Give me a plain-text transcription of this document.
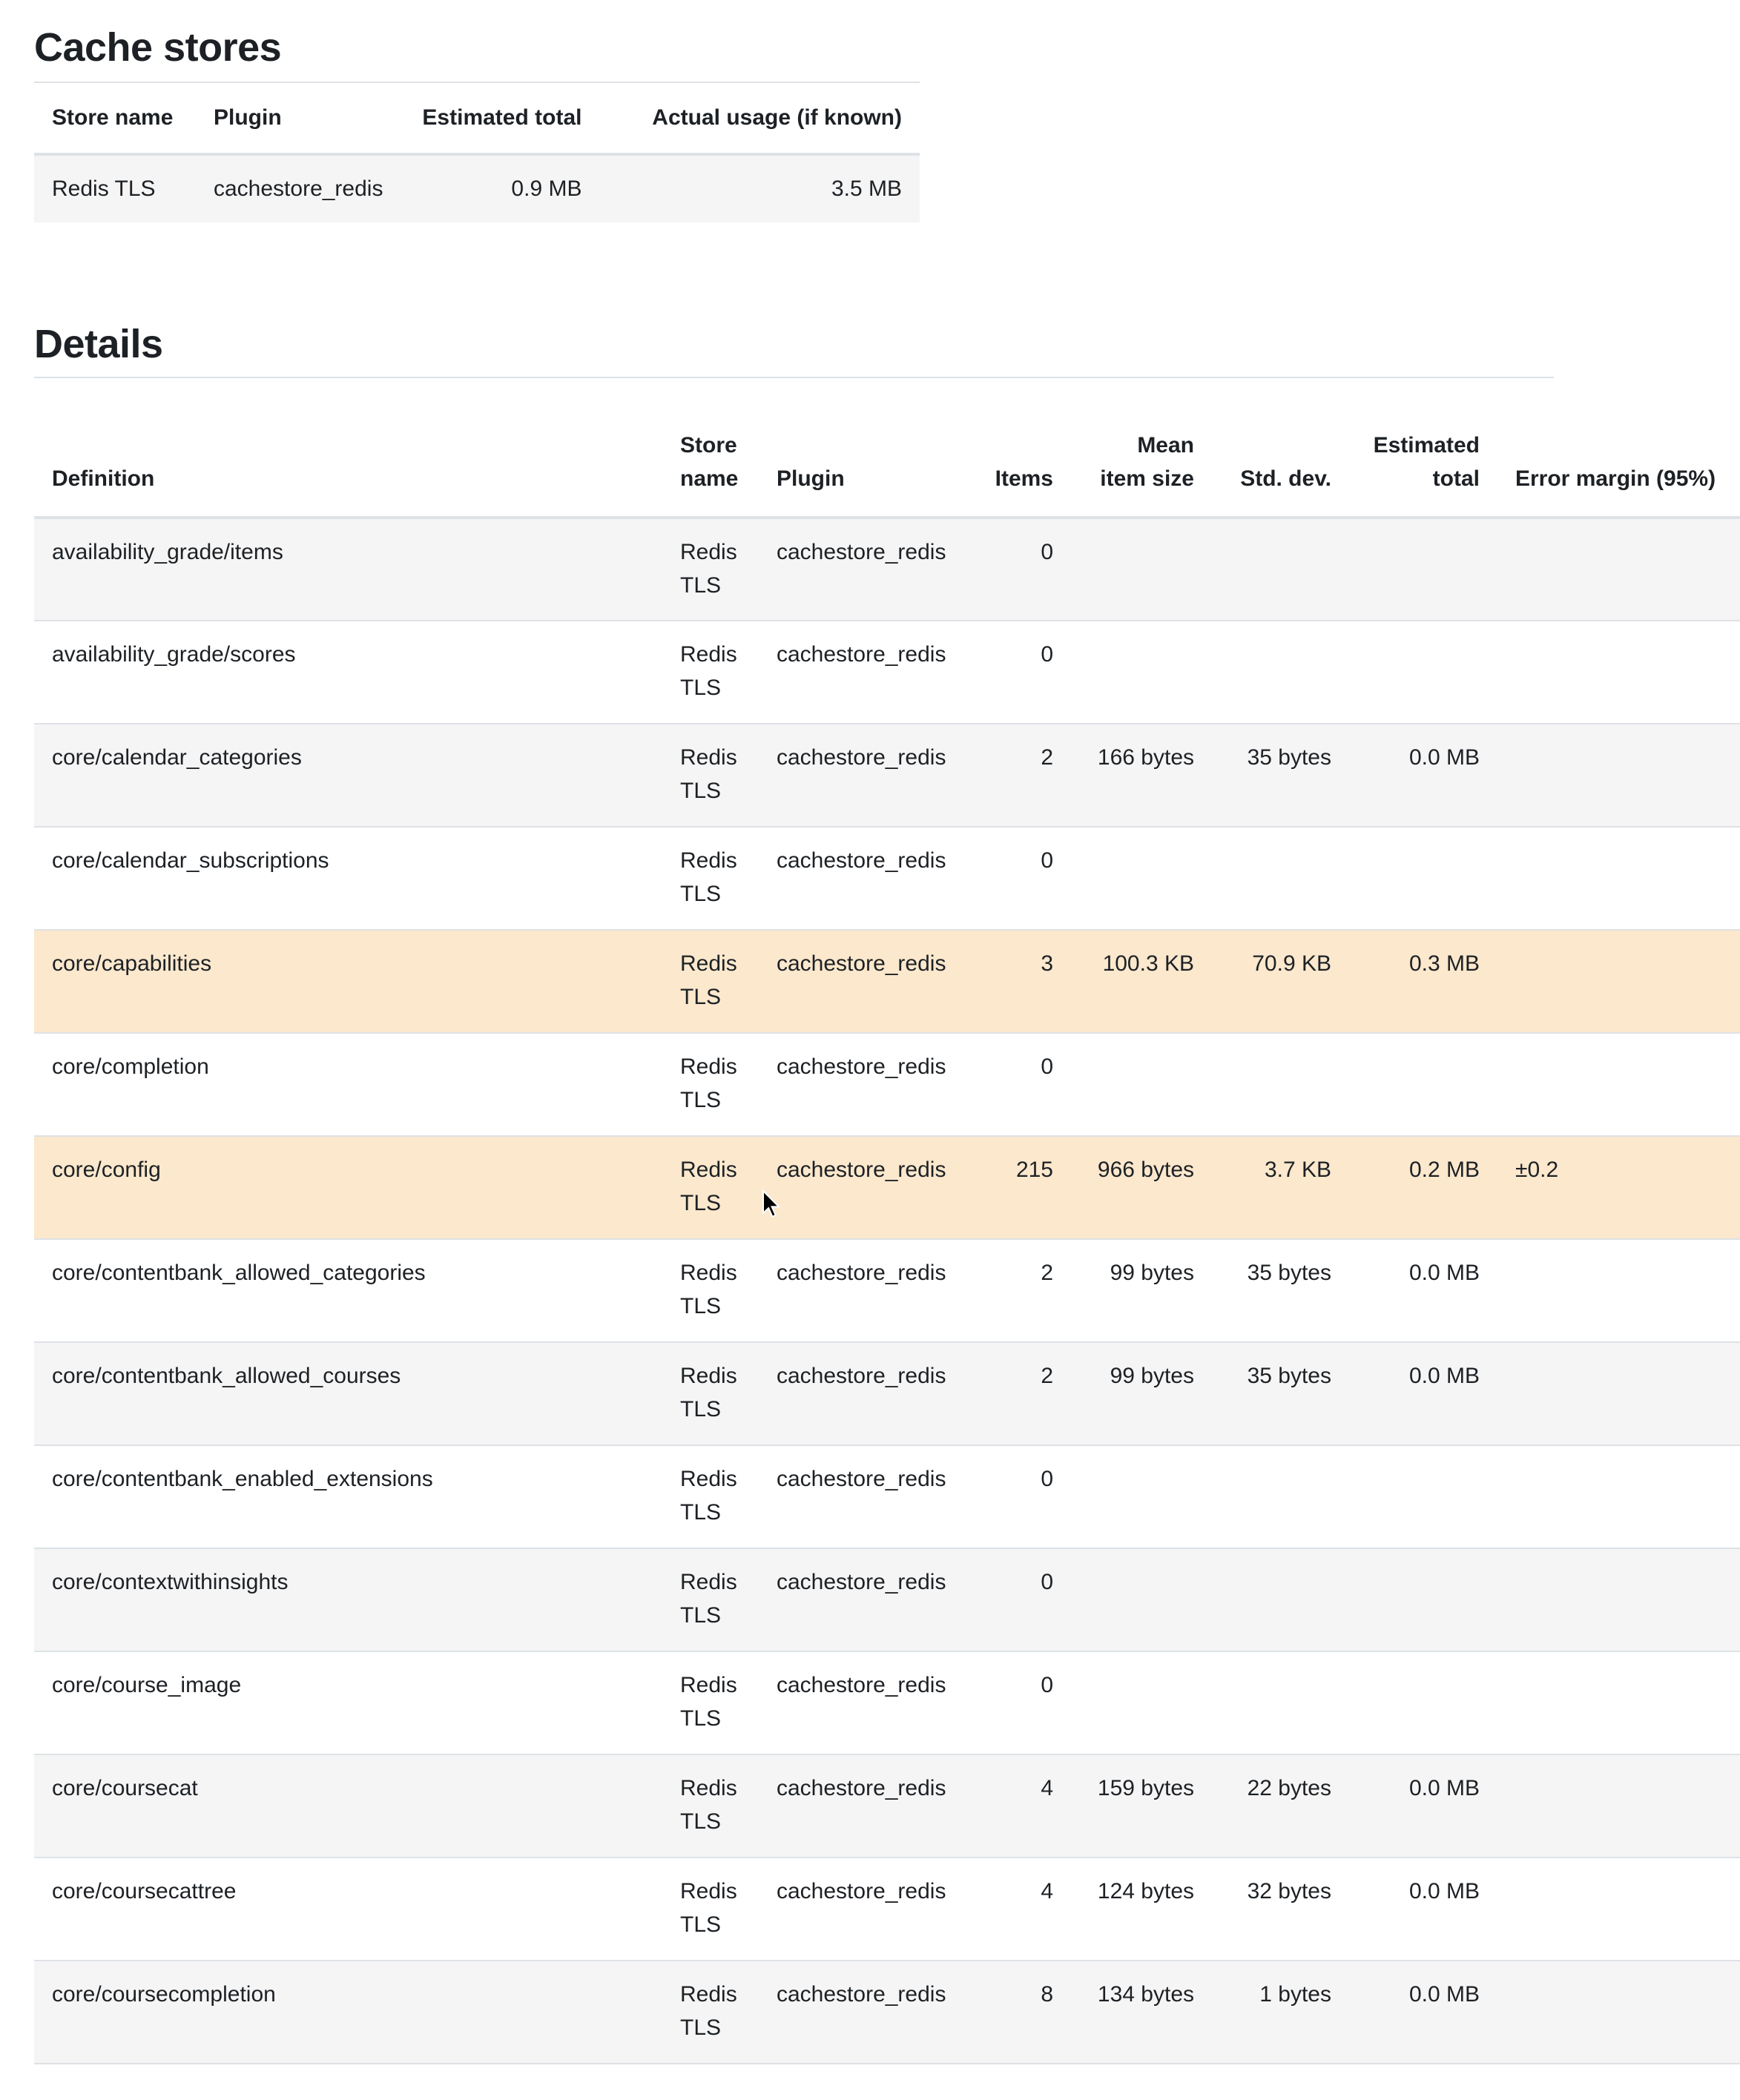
Cache stores
Store name	Plugin	Estimated total	Actual usage (if known)
Redis TLS	cachestore_redis	0.9 MB	3.5 MB
Details
Definition	Store name	Plugin	Items	Mean item size	Std. dev.	Estimated total	Error margin (95%)
availability_grade/items	Redis TLS	cachestore_redis	0				
availability_grade/scores	Redis TLS	cachestore_redis	0				
core/calendar_categories	Redis TLS	cachestore_redis	2	166 bytes	35 bytes	0.0 MB	
core/calendar_subscriptions	Redis TLS	cachestore_redis	0				
core/capabilities	Redis TLS	cachestore_redis	3	100.3 KB	70.9 KB	0.3 MB	
core/completion	Redis TLS	cachestore_redis	0				
core/config	Redis TLS	cachestore_redis	215	966 bytes	3.7 KB	0.2 MB	±0.2
core/contentbank_allowed_categories	Redis TLS	cachestore_redis	2	99 bytes	35 bytes	0.0 MB	
core/contentbank_allowed_courses	Redis TLS	cachestore_redis	2	99 bytes	35 bytes	0.0 MB	
core/contentbank_enabled_extensions	Redis TLS	cachestore_redis	0				
core/contextwithinsights	Redis TLS	cachestore_redis	0				
core/course_image	Redis TLS	cachestore_redis	0				
core/coursecat	Redis TLS	cachestore_redis	4	159 bytes	22 bytes	0.0 MB	
core/coursecattree	Redis TLS	cachestore_redis	4	124 bytes	32 bytes	0.0 MB	
core/coursecompletion	Redis TLS	cachestore_redis	8	134 bytes	1 bytes	0.0 MB	
